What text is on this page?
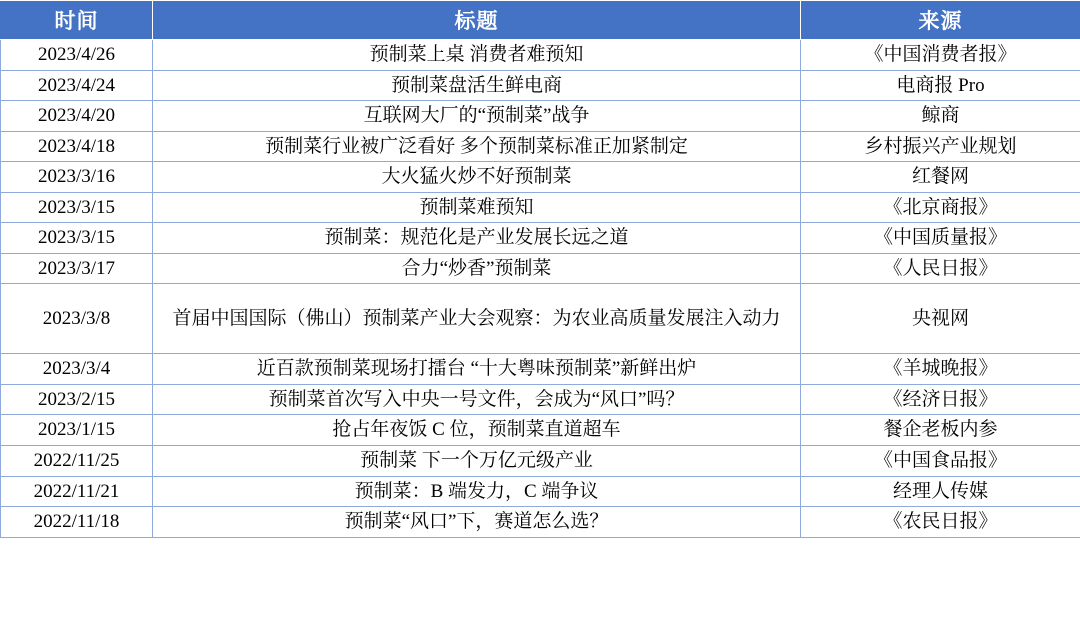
时间	标题	来源
2023/4/26	预制菜上桌 消费者难预知	《中国消费者报》
2023/4/24	预制菜盘活生鲜电商	电商报 Pro
2023/4/20	互联网大厂的“预制菜”战争	鲸商
2023/4/18	预制菜行业被广泛看好 多个预制菜标准正加紧制定	乡村振兴产业规划
2023/3/16	大火猛火炒不好预制菜	红餐网
2023/3/15	预制菜难预知	《北京商报》
2023/3/15	预制菜：规范化是产业发展长远之道	《中国质量报》
2023/3/17	合力“炒香”预制菜	《人民日报》
2023/3/8	首届中国国际（佛山）预制菜产业大会观察：为农业高质量发展注入动力	央视网
2023/3/4	近百款预制菜现场打擂台 “十大粤味预制菜”新鲜出炉	《羊城晚报》
2023/2/15	预制菜首次写入中央一号文件，会成为“风口”吗？	《经济日报》
2023/1/15	抢占年夜饭 C 位，预制菜直道超车	餐企老板内参
2022/11/25	预制菜 下一个万亿元级产业	《中国食品报》
2022/11/21	预制菜：B 端发力，C 端争议	经理人传媒
2022/11/18	预制菜“风口”下，赛道怎么选？	《农民日报》
